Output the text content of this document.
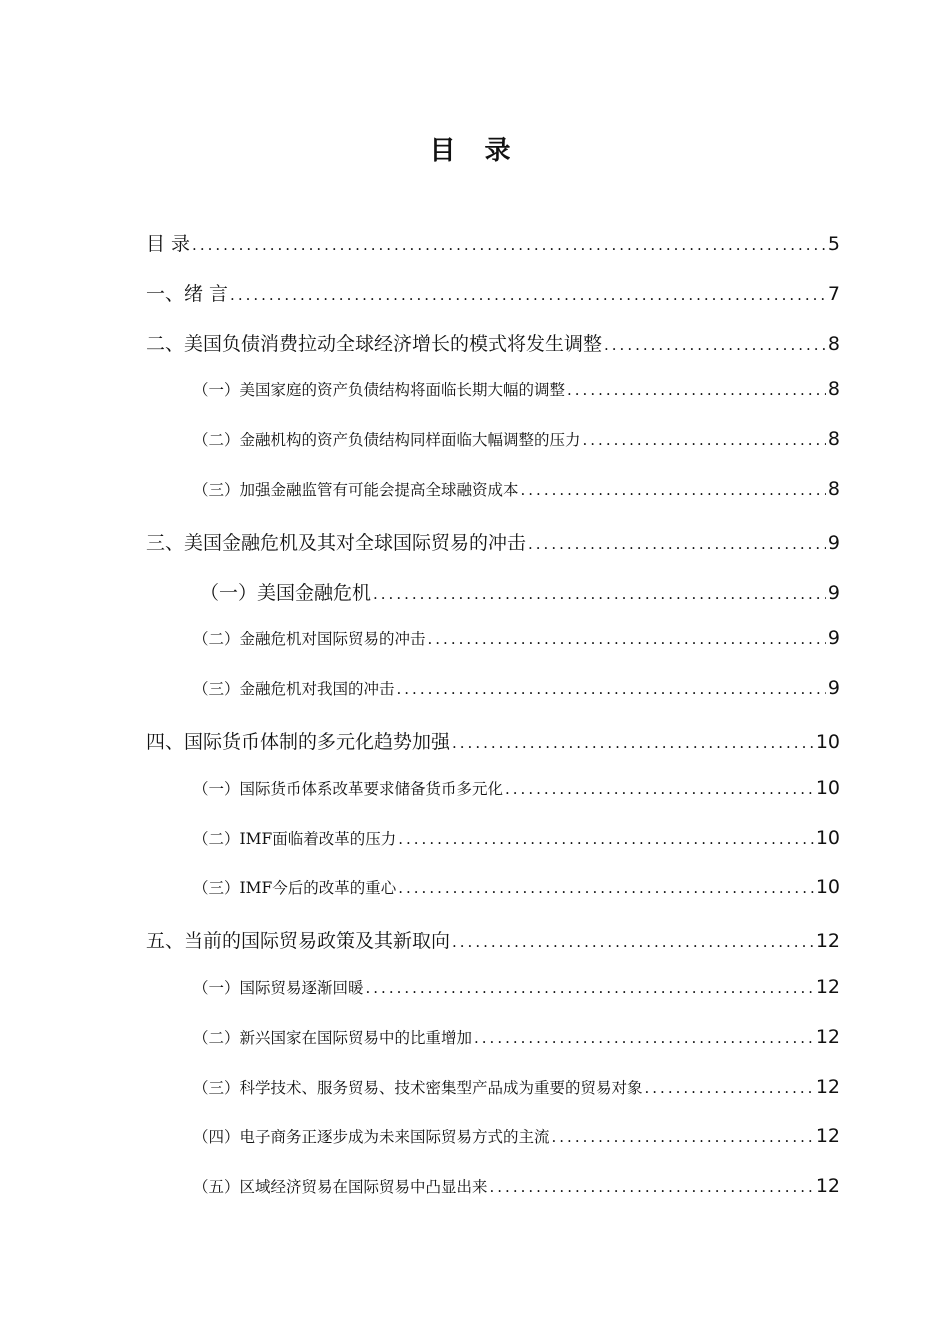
目 录
目 录 .....	5
一、绪 言 .....	7
二、美国负债消费拉动全球经济增长的模式将发生调整 .....	8
（一）美国家庭的资产负债结构将面临长期大幅的调整 .....	8
（二）金融机构的资产负债结构同样面临大幅调整的压力 .....	8
（三）加强金融监管有可能会提高全球融资成本 .....	8
三、美国金融危机及其对全球国际贸易的冲击 .....	9
（一）美国金融危机 .....	9
（二）金融危机对国际贸易的冲击 .....	9
（三）金融危机对我国的冲击 .....	9
四、国际货币体制的多元化趋势加强 .....	10
（一）国际货币体系改革要求储备货币多元化 .....	10
（二）IMF面临着改革的压力 .....	10
（三）IMF今后的改革的重心 .....	10
五、当前的国际贸易政策及其新取向 .....	12
（一）国际贸易逐渐回暖 .....	12
（二）新兴国家在国际贸易中的比重增加 .....	12
（三）科学技术、服务贸易、技术密集型产品成为重要的贸易对象 .....	12
（四）电子商务正逐步成为未来国际贸易方式的主流 .....	12
（五）区域经济贸易在国际贸易中凸显出来 .....	12
